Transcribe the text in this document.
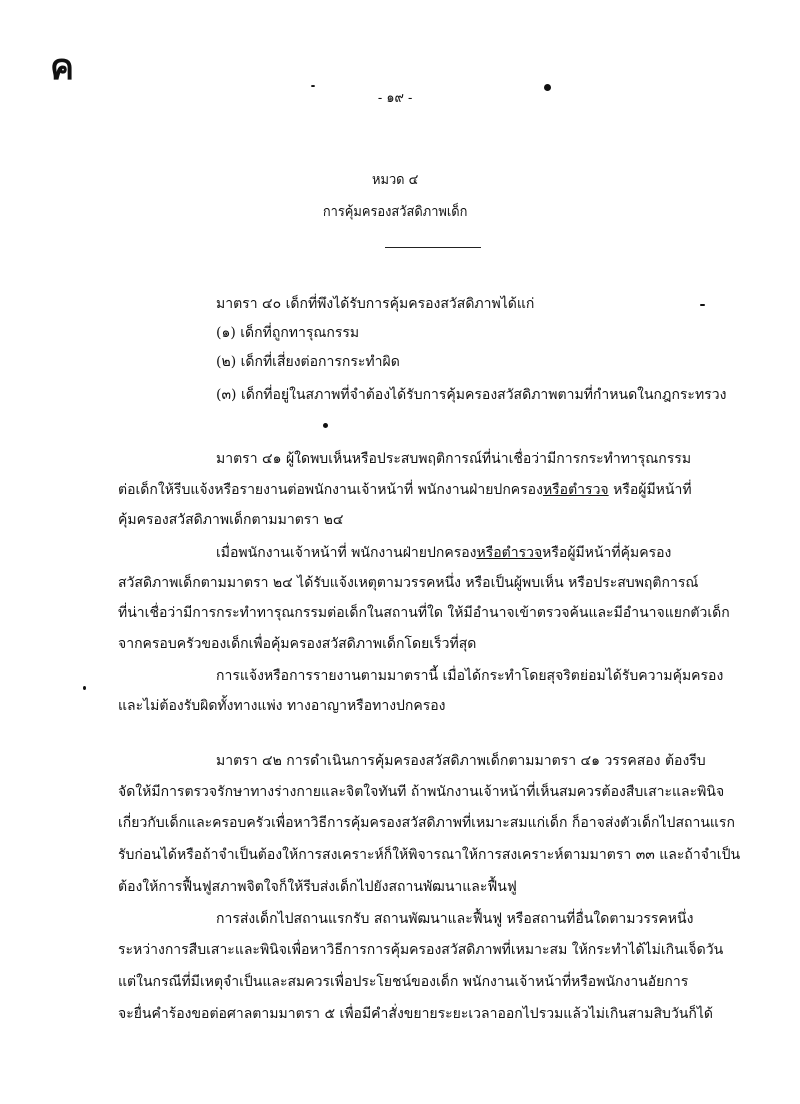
ค
- ๑๙ -
หมวด ๔
การคุ้มครองสวัสดิภาพเด็ก
มาตรา ๔๐ เด็กที่พึงได้รับการคุ้มครองสวัสดิภาพได้แก่
(๑) เด็กที่ถูกทารุณกรรม
(๒) เด็กที่เสี่ยงต่อการกระทำผิด
(๓) เด็กที่อยู่ในสภาพที่จำต้องได้รับการคุ้มครองสวัสดิภาพตามที่กำหนดในกฎกระทรวง
มาตรา ๔๑ ผู้ใดพบเห็นหรือประสบพฤติการณ์ที่น่าเชื่อว่ามีการกระทำทารุณกรรม
ต่อเด็กให้รีบแจ้งหรือรายงานต่อพนักงานเจ้าหน้าที่ พนักงานฝ่ายปกครองหรือตำรวจ หรือผู้มีหน้าที่
คุ้มครองสวัสดิภาพเด็กตามมาตรา ๒๔
เมื่อพนักงานเจ้าหน้าที่ พนักงานฝ่ายปกครองหรือตำรวจหรือผู้มีหน้าที่คุ้มครอง
สวัสดิภาพเด็กตามมาตรา ๒๔ ได้รับแจ้งเหตุตามวรรคหนึ่ง หรือเป็นผู้พบเห็น หรือประสบพฤติการณ์
ที่น่าเชื่อว่ามีการกระทำทารุณกรรมต่อเด็กในสถานที่ใด ให้มีอำนาจเข้าตรวจค้นและมีอำนาจแยกตัวเด็ก
จากครอบครัวของเด็กเพื่อคุ้มครองสวัสดิภาพเด็กโดยเร็วที่สุด
การแจ้งหรือการรายงานตามมาตรานี้ เมื่อได้กระทำโดยสุจริตย่อมได้รับความคุ้มครอง
และไม่ต้องรับผิดทั้งทางแพ่ง ทางอาญาหรือทางปกครอง
มาตรา ๔๒ การดำเนินการคุ้มครองสวัสดิภาพเด็กตามมาตรา ๔๑ วรรคสอง ต้องรีบ
จัดให้มีการตรวจรักษาทางร่างกายและจิตใจทันที ถ้าพนักงานเจ้าหน้าที่เห็นสมควรต้องสืบเสาะและพินิจ
เกี่ยวกับเด็กและครอบครัวเพื่อหาวิธีการคุ้มครองสวัสดิภาพที่เหมาะสมแก่เด็ก ก็อาจส่งตัวเด็กไปสถานแรก
รับก่อนได้หรือถ้าจำเป็นต้องให้การสงเคราะห์ก็ให้พิจารณาให้การสงเคราะห์ตามมาตรา ๓๓ และถ้าจำเป็น
ต้องให้การฟื้นฟูสภาพจิตใจก็ให้รีบส่งเด็กไปยังสถานพัฒนาและฟื้นฟู
การส่งเด็กไปสถานแรกรับ สถานพัฒนาและฟื้นฟู หรือสถานที่อื่นใดตามวรรคหนึ่ง
ระหว่างการสืบเสาะและพินิจเพื่อหาวิธีการการคุ้มครองสวัสดิภาพที่เหมาะสม ให้กระทำได้ไม่เกินเจ็ดวัน
แต่ในกรณีที่มีเหตุจำเป็นและสมควรเพื่อประโยชน์ของเด็ก พนักงานเจ้าหน้าที่หรือพนักงานอัยการ
จะยื่นคำร้องขอต่อศาลตามมาตรา ๕ เพื่อมีคำสั่งขยายระยะเวลาออกไปรวมแล้วไม่เกินสามสิบวันก็ได้
